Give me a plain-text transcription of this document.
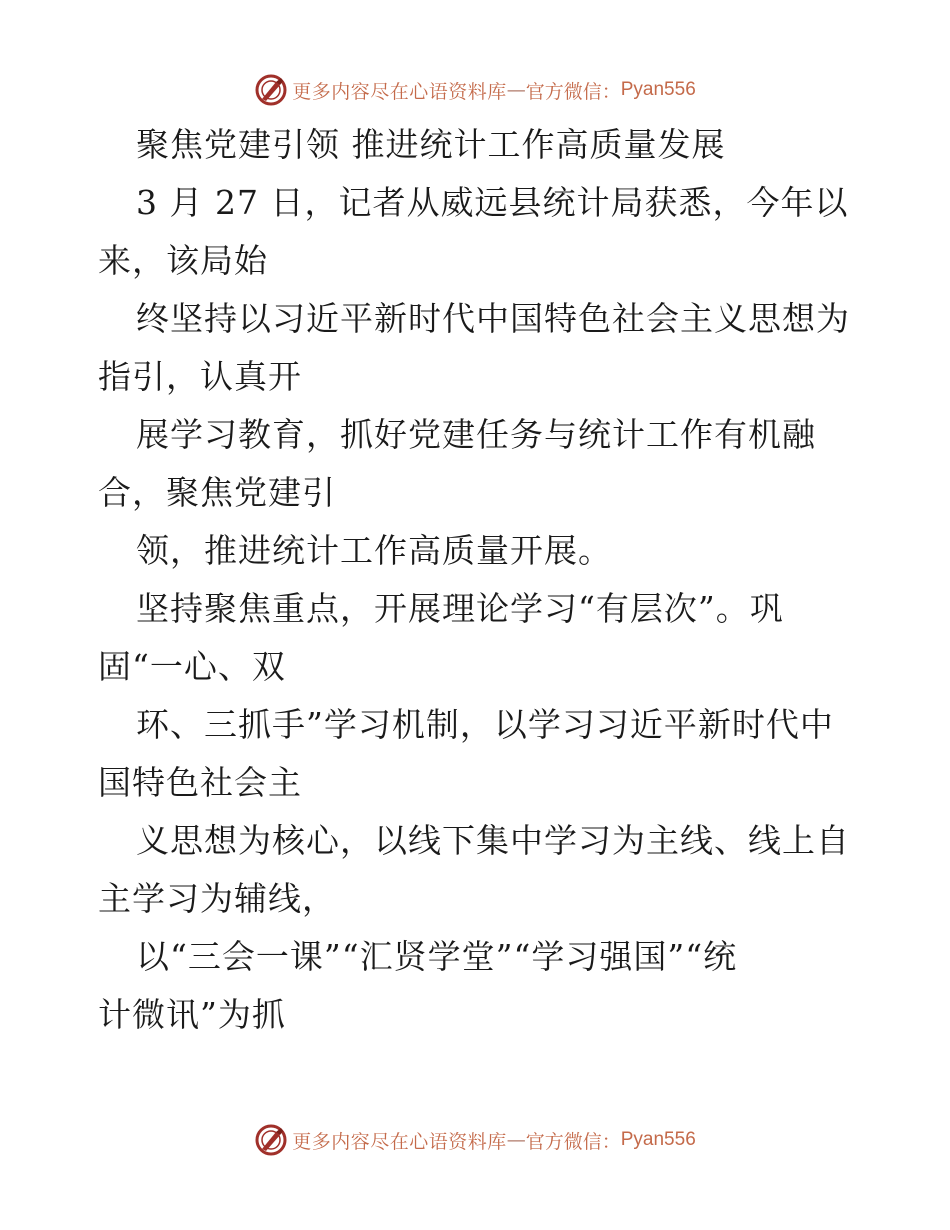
更多内容尽在心语资料库 — 官方微信： Pyan556
聚焦党建引领 推进统计工作高质量发展
3 月 27 日，记者从威远县统计局获悉，今年以
来，该局始
终坚持以习近平新时代中国特色社会主义思想为
指引，认真开
展学习教育，抓好党建任务与统计工作有机融
合，聚焦党建引
领，推进统计工作高质量开展。
坚持聚焦重点，开展理论学习“有层次”。巩
固“一心、双
环、三抓手”学习机制，以学习习近平新时代中
国特色社会主
义思想为核心，以线下集中学习为主线、线上自
主学习为辅线，
以“三会一课”“汇贤学堂”“学习强国”“统
计微讯”为抓
更多内容尽在心语资料库 — 官方微信： Pyan556
